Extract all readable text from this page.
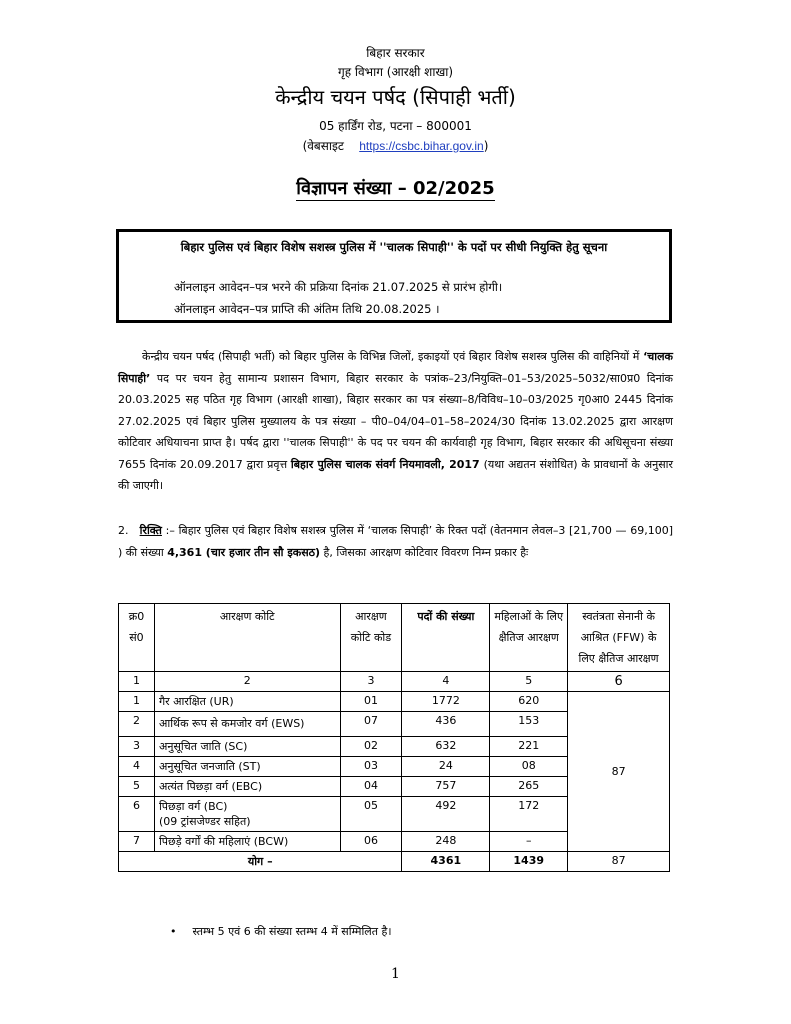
बिहार सरकार
गृह विभाग (आरक्षी शाखा)
केन्द्रीय चयन पर्षद (सिपाही भर्ती)
05 हार्डिंग रोड, पटना – 800001
(वेबसाइट https://csbc.bihar.gov.in)
विज्ञापन संख्या – 02/2025
बिहार पुलिस एवं बिहार विशेष सशस्त्र पुलिस में ''चालक सिपाही'' के पदों पर सीधी नियुक्ति हेतु सूचना
ऑनलाइन आवेदन–पत्र भरने की प्रक्रिया दिनांक 21.07.2025 से प्रारंभ होगी।
ऑनलाइन आवेदन–पत्र प्राप्ति की अंतिम तिथि 20.08.2025 ।
केन्द्रीय चयन पर्षद (सिपाही भर्ती) को बिहार पुलिस के विभिन्न जिलों, इकाइयों एवं बिहार विशेष सशस्त्र पुलिस की वाहिनियों में ‘चालक सिपाही’ पद पर चयन हेतु सामान्य प्रशासन विभाग, बिहार सरकार के पत्रांक–23/नियुक्ति–01–53/2025–5032/सा0प्र0 दिनांक 20.03.2025 सह पठित गृह विभाग (आरक्षी शाखा), बिहार सरकार का पत्र संख्या–8/विविध–10–03/2025 गृ0आ0 2445 दिनांक 27.02.2025 एवं बिहार पुलिस मुख्यालय के पत्र संख्या – पी0–04/04–01–58–2024/30 दिनांक 13.02.2025 द्वारा आरक्षण कोटिवार अधियाचना प्राप्त है। पर्षद द्वारा ''चालक सिपाही'' के पद पर चयन की कार्यवाही गृह विभाग, बिहार सरकार की अधिसूचना संख्या 7655 दिनांक 20.09.2017 द्वारा प्रवृत्त बिहार पुलिस चालक संवर्ग नियमावली, 2017 (यथा अद्यतन संशोधित) के प्रावधानों के अनुसार की जाएगी।
2. रिक्ति :– बिहार पुलिस एवं बिहार विशेष सशस्त्र पुलिस में ‘चालक सिपाही’ के रिक्त पदों (वेतनमान लेवल–3 [21,700 — 69,100] ) की संख्या 4,361 (चार हजार तीन सौ इकसठ) है, जिसका आरक्षण कोटिवार विवरण निम्न प्रकार हैः
क्र0 सं0	आरक्षण कोटि	आरक्षण कोटि कोड	पदों की संख्या	महिलाओं के लिए क्षैतिज आरक्षण	स्वतंत्रता सेनानी के आश्रित (FFW) के लिए क्षैतिज आरक्षण
1	2	3	4	5	6
1	गैर आरक्षित (UR)	01	1772	620	87
2	आर्थिक रूप से कमजोर वर्ग (EWS)	07	436	153	
3	अनुसूचित जाति (SC)	02	632	221	
4	अनुसूचित जनजाति (ST)	03	24	08	
5	अत्यंत पिछड़ा वर्ग (EBC)	04	757	265	
6	पिछड़ा वर्ग (BC)
(09 ट्रांसजेण्डर सहित)	05	492	172	
7	पिछड़े वर्गों की महिलाएं (BCW)	06	248	–	
योग –			4361	1439	87
• स्तम्भ 5 एवं 6 की संख्या स्तम्भ 4 में सम्मिलित है।
1
